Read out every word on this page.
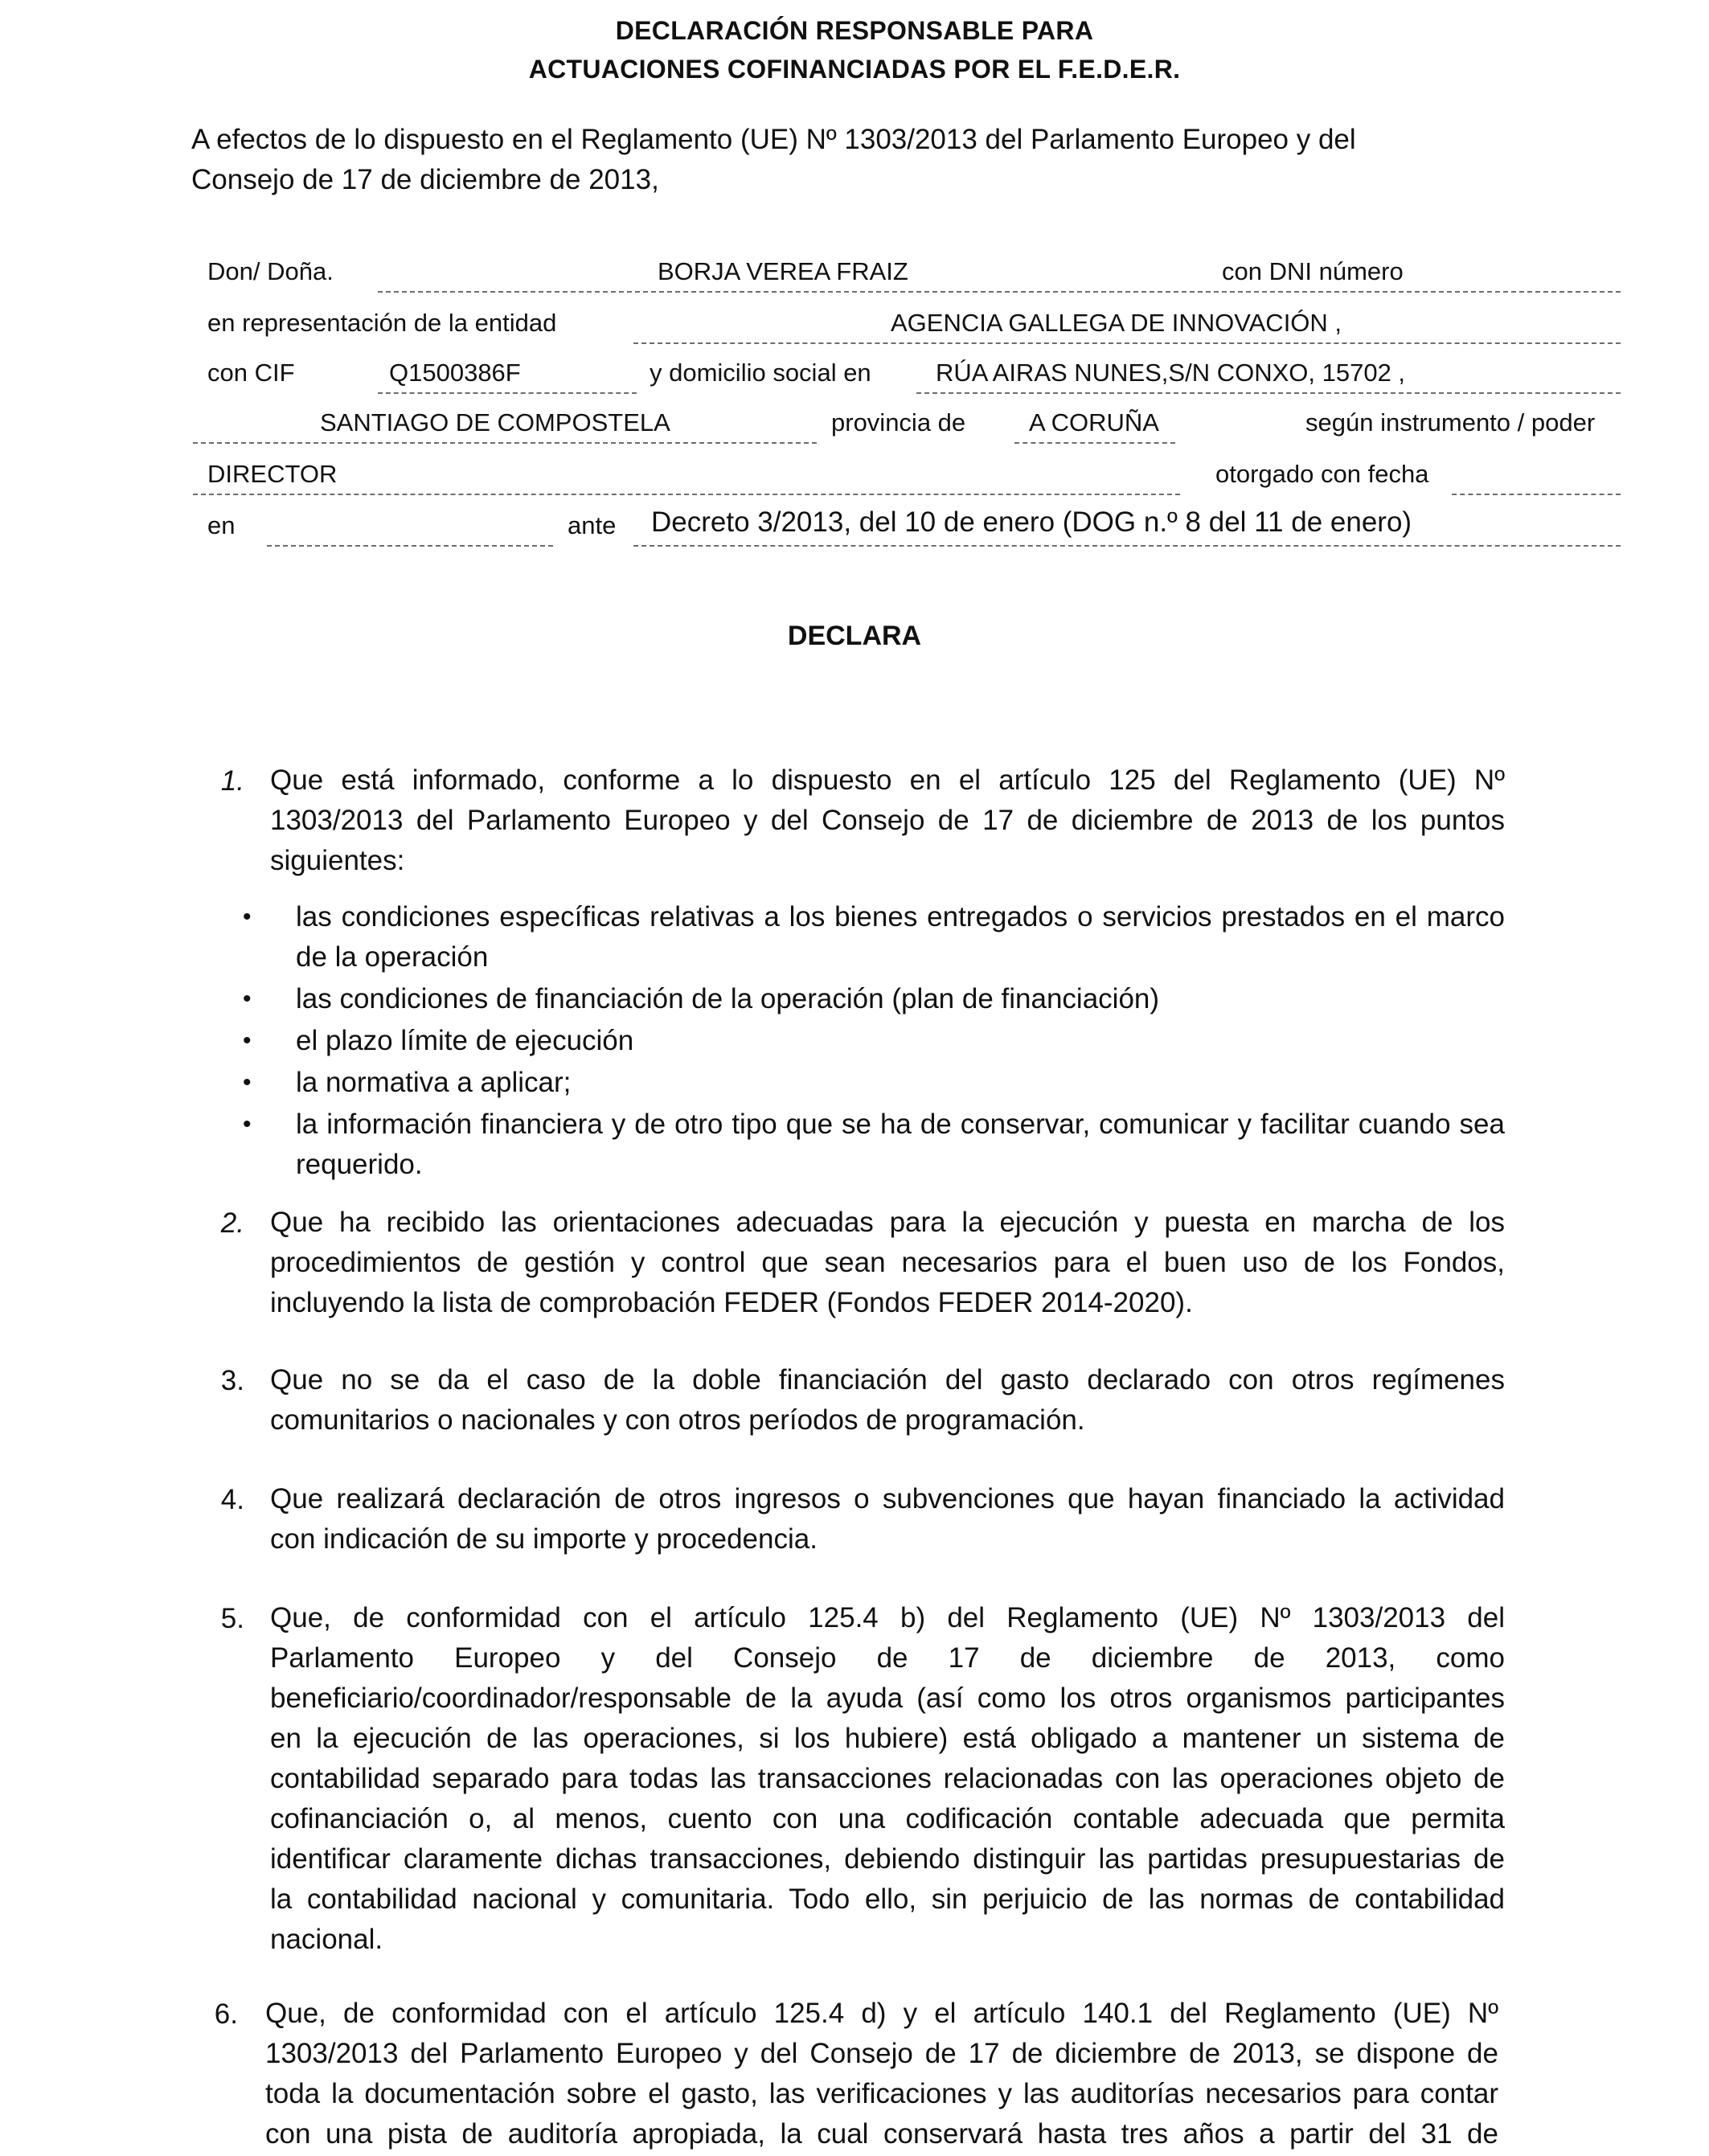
DECLARACIÓN RESPONSABLE PARA
ACTUACIONES COFINANCIADAS POR EL F.E.D.E.R.
A efectos de lo dispuesto en el Reglamento (UE) Nº 1303/2013 del Parlamento Europeo y del
Consejo de 17 de diciembre de 2013,
Don/ Doña.	BORJA VEREA FRAIZ	con DNI número
en representación de la entidad	AGENCIA GALLEGA DE INNOVACIÓN ,
con CIF	Q1500386F	y domicilio social en	RÚA AIRAS NUNES,S/N CONXO, 15702 ,
SANTIAGO DE COMPOSTELA	provincia de	A CORUÑA	según instrumento / poder
DIRECTOR	otorgado con fecha
en	ante Decreto 3/2013, del 10 de enero (DOG n.º 8 del 11 de enero)
DECLARA
1. Que está informado, conforme a lo dispuesto en el artículo 125 del Reglamento (UE) Nº
1303/2013 del Parlamento Europeo y del Consejo de 17 de diciembre de 2013 de los puntos
siguientes:
• las condiciones específicas relativas a los bienes entregados o servicios prestados en el marco de la operación
• las condiciones de financiación de la operación (plan de financiación)
• el plazo límite de ejecución
• la normativa a aplicar;
• la información financiera y de otro tipo que se ha de conservar, comunicar y facilitar cuando sea requerido.
2. Que ha recibido las orientaciones adecuadas para la ejecución y puesta en marcha de los
procedimientos de gestión y control que sean necesarios para el buen uso de los Fondos,
incluyendo la lista de comprobación FEDER (Fondos FEDER 2014-2020).
3. Que no se da el caso de la doble financiación del gasto declarado con otros regímenes
comunitarios o nacionales y con otros períodos de programación.
4. Que realizará declaración de otros ingresos o subvenciones que hayan financiado la actividad
con indicación de su importe y procedencia.
5. Que, de conformidad con el artículo 125.4 b) del Reglamento (UE) Nº 1303/2013 del
Parlamento Europeo y del Consejo de 17 de diciembre de 2013, como
beneficiario/coordinador/responsable de la ayuda (así como los otros organismos participantes
en la ejecución de las operaciones, si los hubiere) está obligado a mantener un sistema de
contabilidad separado para todas las transacciones relacionadas con las operaciones objeto de
cofinanciación o, al menos, cuento con una codificación contable adecuada que permita
identificar claramente dichas transacciones, debiendo distinguir las partidas presupuestarias de
la contabilidad nacional y comunitaria. Todo ello, sin perjuicio de las normas de contabilidad
nacional.
6. Que, de conformidad con el artículo 125.4 d) y el artículo 140.1 del Reglamento (UE) Nº
1303/2013 del Parlamento Europeo y del Consejo de 17 de diciembre de 2013, se dispone de
toda la documentación sobre el gasto, las verificaciones y las auditorías necesarios para contar
con una pista de auditoría apropiada, la cual conservará hasta tres años a partir del 31 de
